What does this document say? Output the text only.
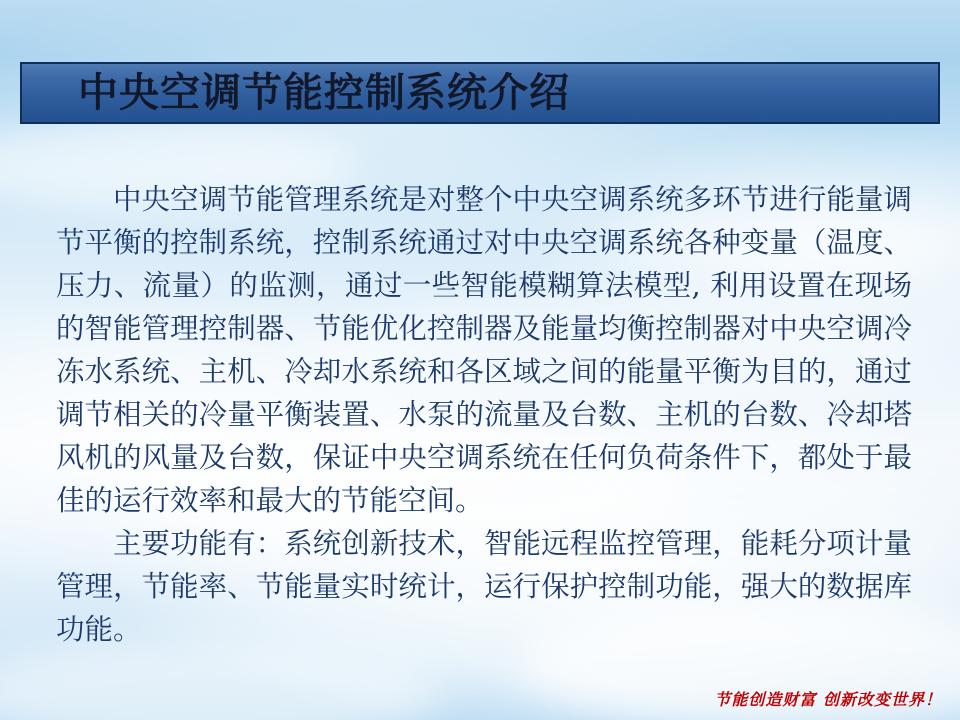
中央空调节能控制系统介绍

中央空调节能管理系统是对整个中央空调系统多环节进行能量调节平衡的控制系统，控制系统通过对中央空调系统各种变量（温度、压力、流量）的监测，通过一些智能模糊算法模型, 利用设置在现场的智能管理控制器、节能优化控制器及能量均衡控制器对中央空调冷冻水系统、主机、冷却水系统和各区域之间的能量平衡为目的，通过调节相关的冷量平衡装置、水泵的流量及台数、主机的台数、冷却塔风机的风量及台数，保证中央空调系统在任何负荷条件下，都处于最佳的运行效率和最大的节能空间。

主要功能有：系统创新技术，智能远程监控管理，能耗分项计量管理，节能率、节能量实时统计，运行保护控制功能，强大的数据库功能。

节能创造财富 创新改变世界！
